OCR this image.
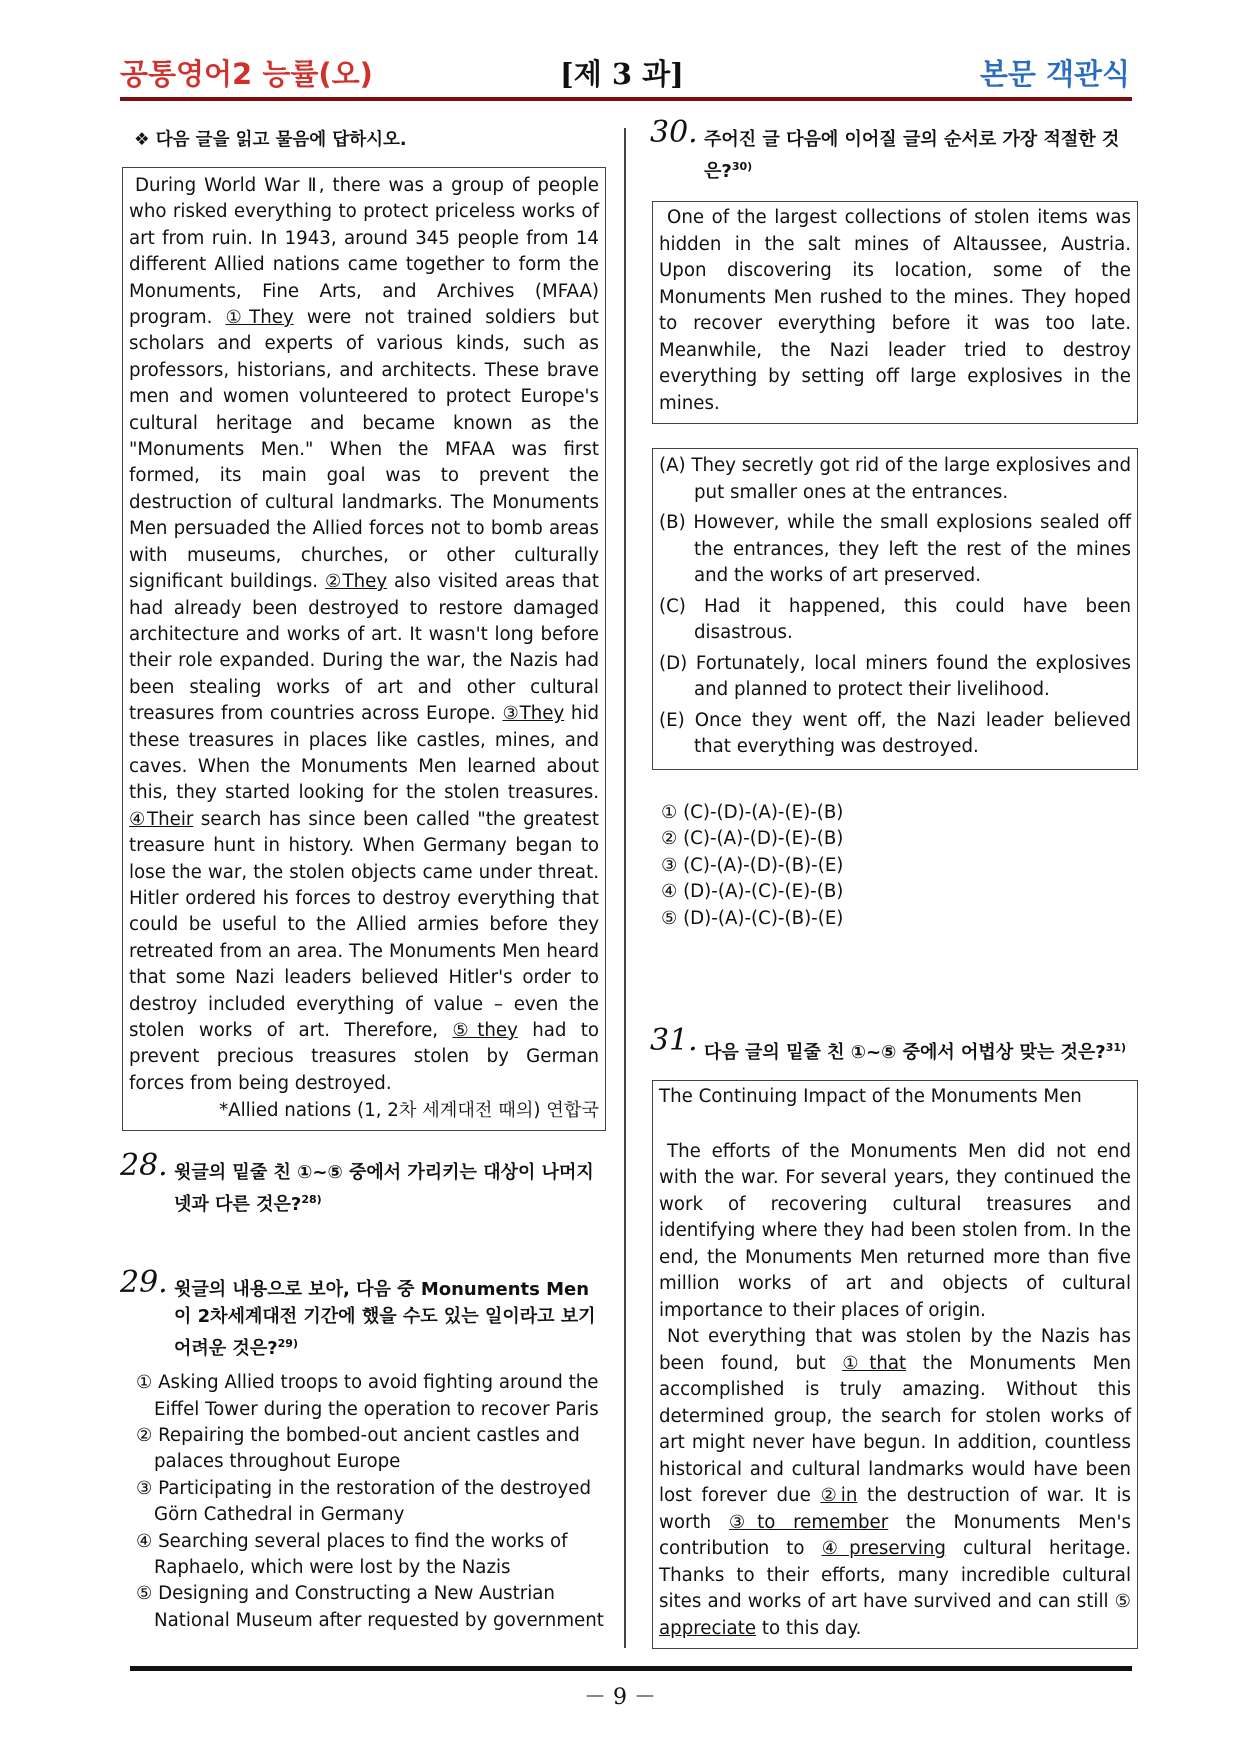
공통영어2 능률(오)	[제 3 과]	본문 객관식
❖ 다음 글을 읽고 물음에 답하시오.
During World War Ⅱ, there was a group of people who risked everything to protect priceless works of art from ruin. In 1943, around 345 people from 14 different Allied nations came together to form the Monuments, Fine Arts, and Archives (MFAA) program. ①They were not trained soldiers but scholars and experts of various kinds, such as professors, historians, and architects. These brave men and women volunteered to protect Europe's cultural heritage and became known as the "Monuments Men." When the MFAA was first formed, its main goal was to prevent the destruction of cultural landmarks. The Monuments Men persuaded the Allied forces not to bomb areas with museums, churches, or other culturally significant buildings. ②They also visited areas that had already been destroyed to restore damaged architecture and works of art. It wasn't long before their role expanded. During the war, the Nazis had been stealing works of art and other cultural treasures from countries across Europe. ③They hid these treasures in places like castles, mines, and caves. When the Monuments Men learned about this, they started looking for the stolen treasures. ④Their search has since been called "the greatest treasure hunt in history. When Germany began to lose the war, the stolen objects came under threat. Hitler ordered his forces to destroy everything that could be useful to the Allied armies before they retreated from an area. The Monuments Men heard that some Nazi leaders believed Hitler's order to destroy included everything of value – even the stolen works of art. Therefore, ⑤they had to prevent precious treasures stolen by German forces from being destroyed.
*Allied nations (1, 2차 세계대전 때의) 연합국
28. 윗글의 밑줄 친 ①~⑤ 중에서 가리키는 대상이 나머지 넷과 다른 것은?$^{28)}$
29. 윗글의 내용으로 보아, 다음 중 Monuments Men이 2차세계대전 기간에 했을 수도 있는 일이라고 보기 어려운 것은?$^{29)}$
① Asking Allied troops to avoid fighting around the Eiffel Tower during the operation to recover Paris
② Repairing the bombed-out ancient castles and palaces throughout Europe
③ Participating in the restoration of the destroyed Görn Cathedral in Germany
④ Searching several places to find the works of Raphaelo, which were lost by the Nazis
⑤ Designing and Constructing a New Austrian National Museum after requested by government
30. 주어진 글 다음에 이어질 글의 순서로 가장 적절한 것은?$^{30)}$
One of the largest collections of stolen items was hidden in the salt mines of Altaussee, Austria. Upon discovering its location, some of the Monuments Men rushed to the mines. They hoped to recover everything before it was too late. Meanwhile, the Nazi leader tried to destroy everything by setting off large explosives in the mines.
(A) They secretly got rid of the large explosives and put smaller ones at the entrances.
(B) However, while the small explosions sealed off the entrances, they left the rest of the mines and the works of art preserved.
(C) Had it happened, this could have been disastrous.
(D) Fortunately, local miners found the explosives and planned to protect their livelihood.
(E) Once they went off, the Nazi leader believed that everything was destroyed.
① (C)-(D)-(A)-(E)-(B)
② (C)-(A)-(D)-(E)-(B)
③ (C)-(A)-(D)-(B)-(E)
④ (D)-(A)-(C)-(E)-(B)
⑤ (D)-(A)-(C)-(B)-(E)
31. 다음 글의 밑줄 친 ①~⑤ 중에서 어법상 맞는 것은?$^{31)}$
The Continuing Impact of the Monuments Men
The efforts of the Monuments Men did not end with the war. For several years, they continued the work of recovering cultural treasures and identifying where they had been stolen from. In the end, the Monuments Men returned more than five million works of art and objects of cultural importance to their places of origin.
Not everything that was stolen by the Nazis has been found, but ①that the Monuments Men accomplished is truly amazing. Without this determined group, the search for stolen works of art might never have begun. In addition, countless historical and cultural landmarks would have been lost forever due ②in the destruction of war. It is worth ③to remember the Monuments Men's contribution to ④preserving cultural heritage. Thanks to their efforts, many incredible cultural sites and works of art have survived and can still ⑤ appreciate to this day.
－ 9 －
